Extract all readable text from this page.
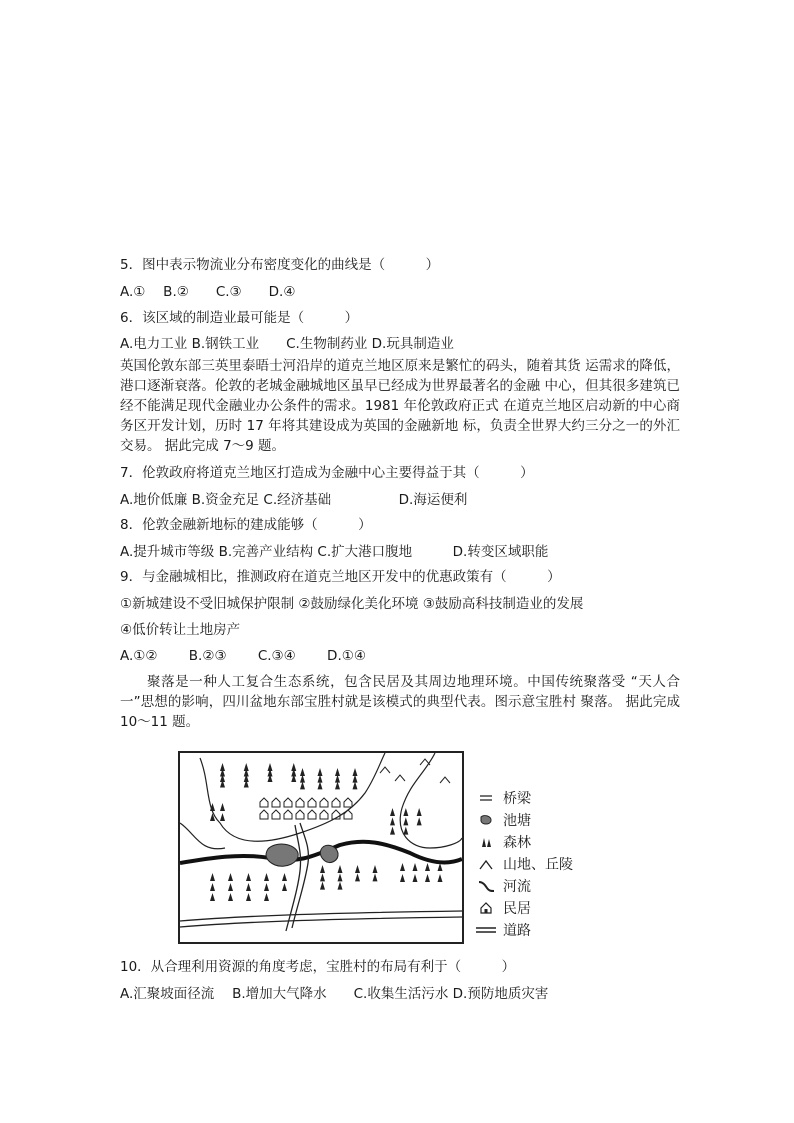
5．图中表示物流业分布密度变化的曲线是（　　　）
A.①　 B.②　　C.③　　D.④
6．该区域的制造业最可能是（　　　）
A.电力工业 B.钢铁工业　　C.生物制药业 D.玩具制造业
英国伦敦东部三英里泰晤士河沿岸的道克兰地区原来是繁忙的码头，随着其货 运需求的降低，港口逐渐衰落。伦敦的老城金融城地区虽早已经成为世界最著名的金融 中心，但其很多建筑已经不能满足现代金融业办公条件的需求。1981 年伦敦政府正式 在道克兰地区启动新的中心商务区开发计划，历时 17 年将其建设成为英国的金融新地 标，负责全世界大约三分之一的外汇交易。 据此完成 7～9 题。
7．伦敦政府将道克兰地区打造成为金融中心主要得益于其（　　　）
A.地价低廉 B.资金充足 C.经济基础　　　　　D.海运便利
8．伦敦金融新地标的建成能够（　　　）
A.提升城市等级 B.完善产业结构 C.扩大港口腹地　　　D.转变区域职能
9．与金融城相比，推测政府在道克兰地区开发中的优惠政策有（　　　）
①新城建设不受旧城保护限制 ②鼓励绿化美化环境 ③鼓励高科技制造业的发展
④低价转让土地房产
A.①②　　 B.②③　　 C.③④　　 D.①④
聚落是一种人工复合生态系统，包含民居及其周边地理环境。中国传统聚落受 “天人合一”思想的影响，四川盆地东部宝胜村就是该模式的典型代表。图示意宝胜村 聚落。 据此完成 10～11 题。
桥梁
池塘
森林
山地、丘陵
河流
民居
道路
10．从合理利用资源的角度考虑，宝胜村的布局有利于（　　　）
A.汇聚坡面径流　 B.增加大气降水　　C.收集生活污水 D.预防地质灾害
